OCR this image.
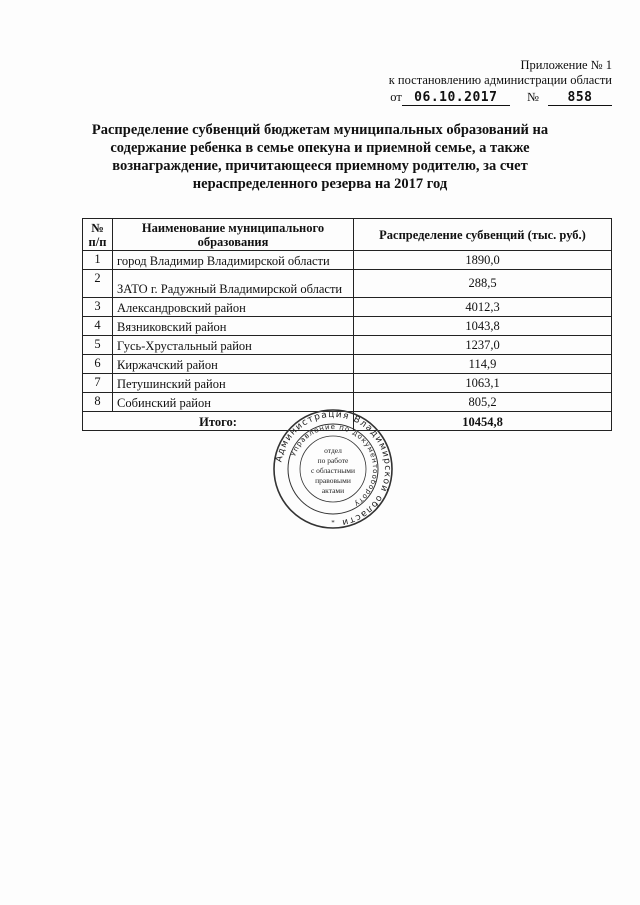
Приложение № 1
к постановлению администрации области
от 06.10.2017 № 858
Распределение субвенций бюджетам муниципальных образований на содержание ребенка в семье опекуна и приемной семье, а также вознаграждение, причитающееся приемному родителю, за счет нераспределенного резерва на 2017 год
№ п/п	Наименование муниципального образования	Распределение субвенций (тыс. руб.)
1	город Владимир Владимирской области	1890,0
2	ЗАТО г. Радужный Владимирской области	288,5
3	Александровский район	4012,3
4	Вязниковский район	1043,8
5	Гусь-Хрустальный район	1237,0
6	Киржачский район	114,9
7	Петушинский район	1063,1
8	Собинский район	805,2
Итого:		10454,8
Администрация Владимирской области
Управление по документообороту
отдел
по работе
с областными
правовыми
актами
*
